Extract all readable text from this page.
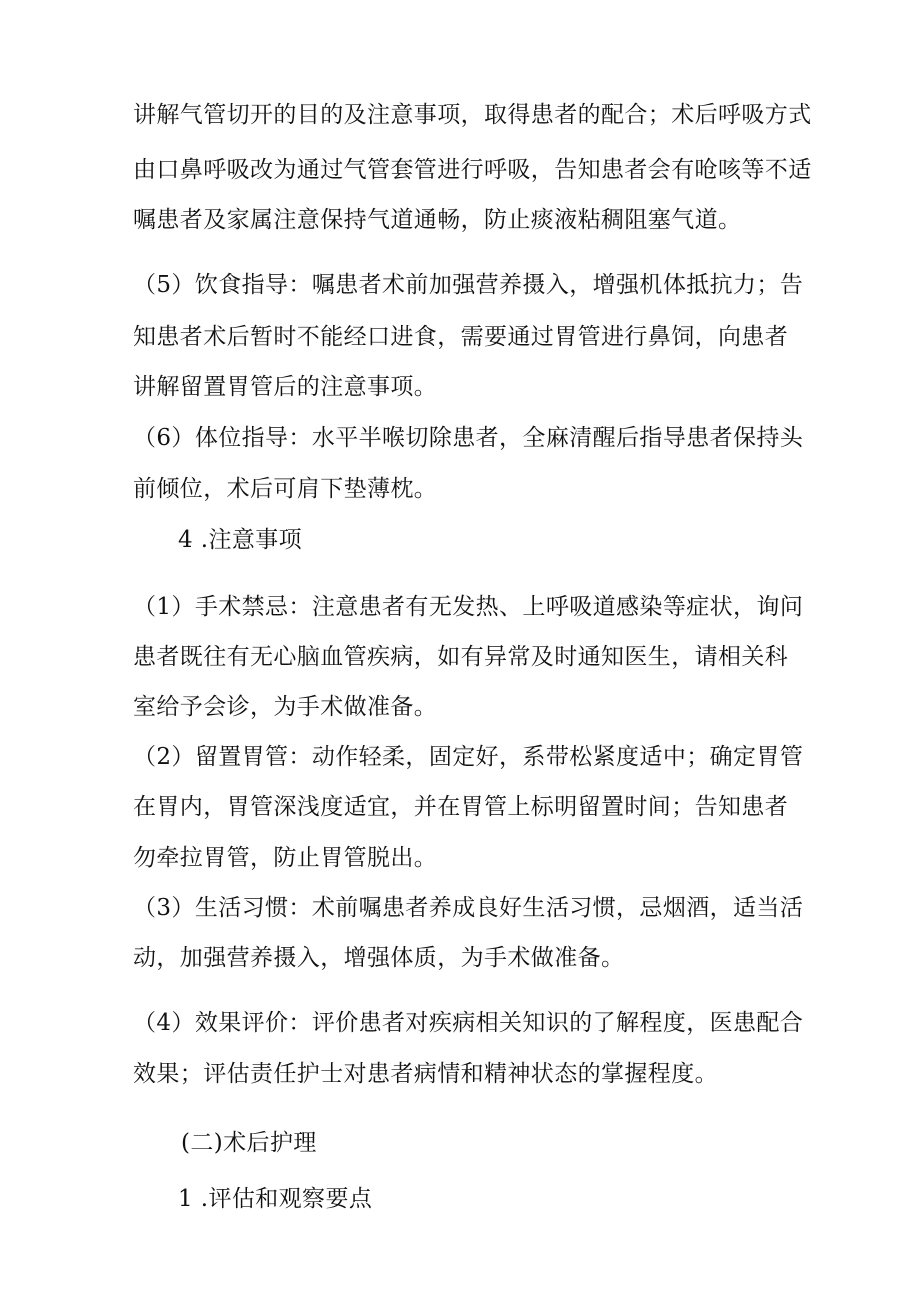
讲解气管切开的目的及注意事项，取得患者的配合；术后呼吸方式
由口鼻呼吸改为通过气管套管进行呼吸，告知患者会有呛咳等不适
嘱患者及家属注意保持气道通畅，防止痰液粘稠阻塞气道。
（5）饮食指导：嘱患者术前加强营养摄入，增强机体抵抗力；告
知患者术后暂时不能经口进食，需要通过胃管进行鼻饲，向患者
讲解留置胃管后的注意事项。
（6）体位指导：水平半喉切除患者，全麻清醒后指导患者保持头
前倾位，术后可肩下垫薄枕。
4 .注意事项
（1）手术禁忌：注意患者有无发热、上呼吸道感染等症状，询问
患者既往有无心脑血管疾病，如有异常及时通知医生，请相关科
室给予会诊，为手术做准备。
（2）留置胃管：动作轻柔，固定好，系带松紧度适中；确定胃管
在胃内，胃管深浅度适宜，并在胃管上标明留置时间；告知患者
勿牵拉胃管，防止胃管脱出。
（3）生活习惯：术前嘱患者养成良好生活习惯，忌烟酒，适当活
动，加强营养摄入，增强体质，为手术做准备。
（4）效果评价：评价患者对疾病相关知识的了解程度，医患配合
效果；评估责任护士对患者病情和精神状态的掌握程度。
(二)术后护理
1 .评估和观察要点
